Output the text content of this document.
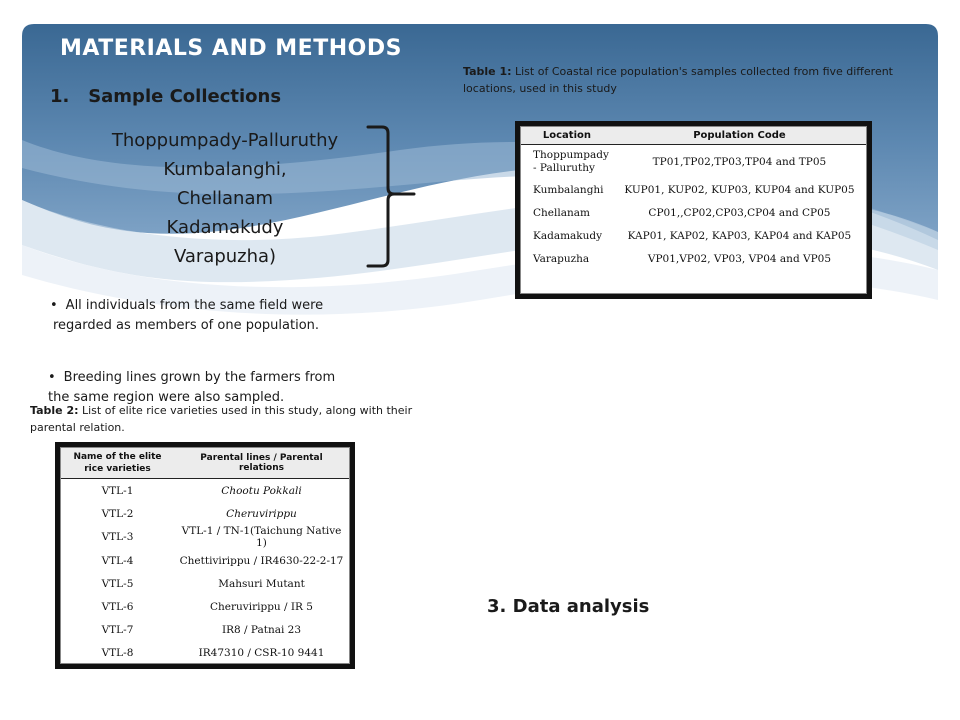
MATERIALS AND METHODS
1. Sample Collections
Thoppumpady-Palluruthy
Kumbalanghi,
Chellanam
Kadamakudy
Varapuzha)
• All individuals from the same field were
regarded as members of one population.
• Breeding lines grown by the farmers from
the same region were also sampled.
Table 1: List of Coastal rice population's samples collected from five different locations, used in this study
Location	Population Code
Thoppumpady - Palluruthy	TP01,TP02,TP03,TP04 and TP05
Kumbalanghi	KUP01, KUP02, KUP03, KUP04 and KUP05
Chellanam	CP01,,CP02,CP03,CP04 and CP05
Kadamakudy	KAP01, KAP02, KAP03, KAP04 and KAP05
Varapuzha	VP01,VP02, VP03, VP04 and VP05
Table 2: List of elite rice varieties used in this study, along with their parental relation.
Name of the elite rice varieties	Parental lines / Parental relations
VTL-1	Chootu Pokkali
VTL-2	Cheruvirippu
VTL-3	VTL-1 / TN-1(Taichung Native 1)
VTL-4	Chettivirippu / IR4630-22-2-17
VTL-5	Mahsuri Mutant
VTL-6	Cheruvirippu / IR 5
VTL-7	IR8 / Patnai 23
VTL-8	IR47310 / CSR-10 9441
3. Data analysis
